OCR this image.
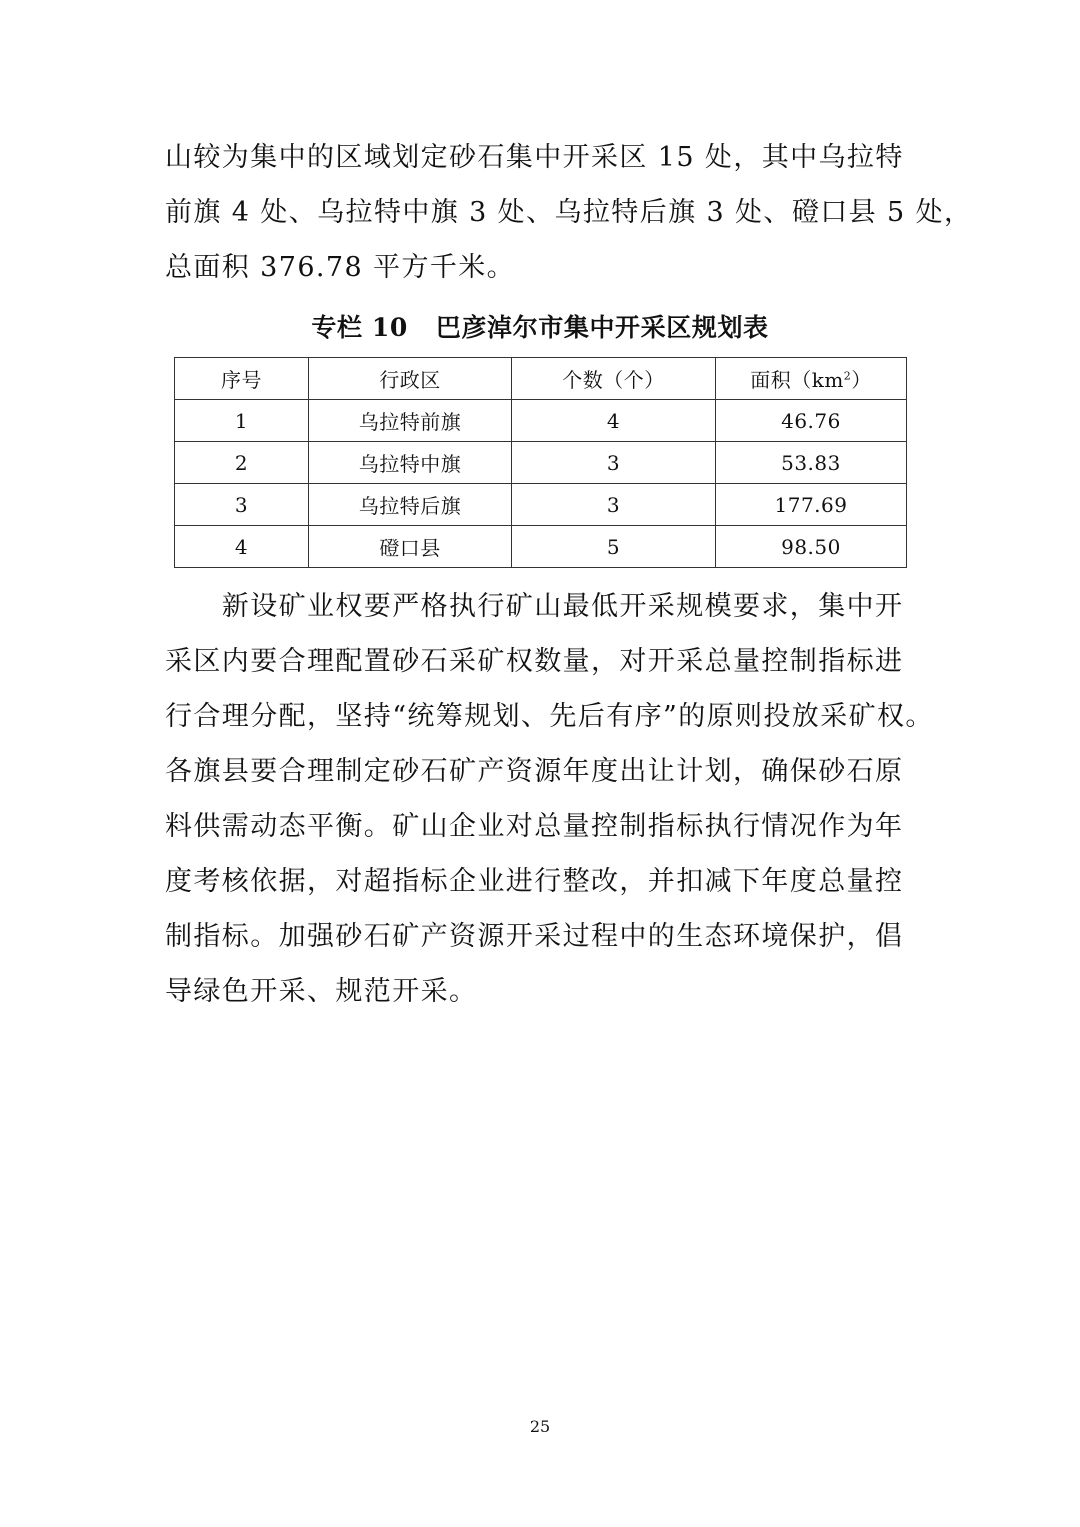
山较为集中的区域划定砂石集中开采区 15 处，其中乌拉特
前旗 4 处、乌拉特中旗 3 处、乌拉特后旗 3 处、磴口县 5 处，
总面积 376.78 平方千米。

专栏 10 巴彦淖尔市集中开采区规划表
序号	行政区	个数（个）	面积$(km^2)$
1	乌拉特前旗	4	46.76
2	乌拉特中旗	3	53.83
3	乌拉特后旗	3	177.69
4	磴口县	5	98.50

　　新设矿业权要严格执行矿山最低开采规模要求，集中开
采区内要合理配置砂石采矿权数量，对开采总量控制指标进
行合理分配，坚持“统筹规划、先后有序”的原则投放采矿权。
各旗县要合理制定砂石矿产资源年度出让计划，确保砂石原
料供需动态平衡。矿山企业对总量控制指标执行情况作为年
度考核依据，对超指标企业进行整改，并扣减下年度总量控
制指标。加强砂石矿产资源开采过程中的生态环境保护，倡
导绿色开采、规范开采。

25
